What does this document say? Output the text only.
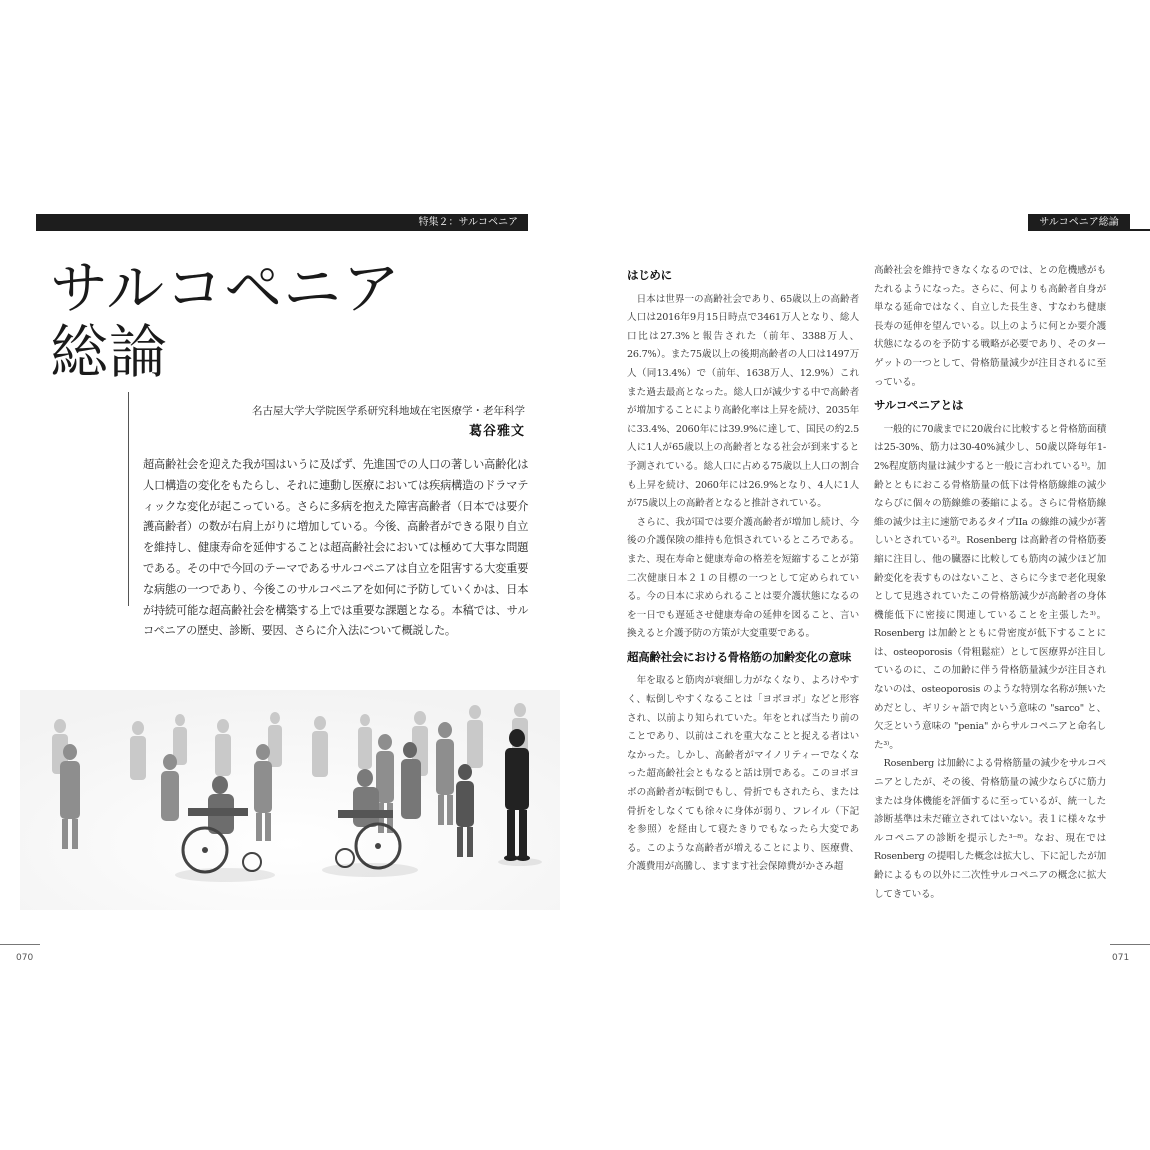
特集２：サルコペニア	サルコペニア総論
サルコペニア
総論
名古屋大学大学院医学系研究科地域在宅医療学・老年科学
葛谷雅文
超高齢社会を迎えた我が国はいうに及ばず、先進国での人口の著しい高齢化は人口構造の変化をもたらし、それに連動し医療においては疾病構造のドラマティックな変化が起こっている。さらに多病を抱えた障害高齢者（日本では要介護高齢者）の数が右肩上がりに増加している。今後、高齢者ができる限り自立を維持し、健康寿命を延伸することは超高齢社会においては極めて大事な問題である。その中で今回のテーマであるサルコペニアは自立を阻害する大変重要な病態の一つであり、今後このサルコペニアを如何に予防していくかは、日本が持続可能な超高齢社会を構築する上では重要な課題となる。本稿では、サルコペニアの歴史、診断、要因、さらに介入法について概説した。
はじめに

日本は世界一の高齢社会であり、65歳以上の高齢者人口は2016年9月15日時点で3461万人となり、総人口比は27.3%と報告された（前年、3388万人、26.7%）。また75歳以上の後期高齢者の人口は1497万人（同13.4%）で（前年、1638万人、12.9%）これまた過去最高となった。総人口が減少する中で高齢者が増加することにより高齢化率は上昇を続け、2035年に33.4%、2060年には39.9%に達して、国民の約2.5人に1人が65歳以上の高齢者となる社会が到来すると予測されている。総人口に占める75歳以上人口の割合も上昇を続け、2060年には26.9%となり、4人に1人が75歳以上の高齢者となると推計されている。

さらに、我が国では要介護高齢者が増加し続け、今後の介護保険の維持も危惧されているところである。また、現在寿命と健康寿命の格差を短縮することが第二次健康日本２１の目標の一つとして定められている。今の日本に求められることは要介護状態になるのを一日でも遅延させ健康寿命の延伸を図ること、言い換えると介護予防の方策が大変重要である。

超高齢社会における骨格筋の加齢変化の意味

年を取ると筋肉が衰細し力がなくなり、よろけやすく、転倒しやすくなることは「ヨボヨボ」などと形容され、以前より知られていた。年をとれば当たり前のことであり、以前はこれを重大なことと捉える者はいなかった。しかし、高齢者がマイノリティーでなくなった超高齢社会ともなると話は別である。このヨボヨボの高齢者が転倒でもし、骨折でもされたら、または骨折をしなくても徐々に身体が弱り、フレイル（下記を参照）を経由して寝たきりでもなったら大変である。このような高齢者が増えることにより、医療費、介護費用が高騰し、ますます社会保障費がかさみ超

高齢社会を維持できなくなるのでは、との危機感がもたれるようになった。さらに、何よりも高齢者自身が単なる延命ではなく、自立した長生き、すなわち健康長寿の延伸を望んでいる。以上のように何とか要介護状態になるのを予防する戦略が必要であり、そのターゲットの一つとして、骨格筋量減少が注目されるに至っている。

サルコペニアとは

一般的に70歳までに20歳台に比較すると骨格筋面積は25-30%、筋力は30-40%減少し、50歳以降毎年1-2%程度筋肉量は減少すると一般に言われている¹⁾。加齢とともにおこる骨格筋量の低下は骨格筋線維の減少ならびに個々の筋線維の萎縮による。さらに骨格筋線維の減少は主に速筋であるタイプIIa の線維の減少が著しいとされている²⁾。Rosenberg は高齢者の骨格筋萎縮に注目し、他の臓器に比較しても筋肉の減少ほど加齢変化を表すものはないこと、さらに今まで老化現象として見逃されていたこの骨格筋減少が高齢者の身体機能低下に密接に関連していることを主張した³⁾。Rosenberg は加齢とともに骨密度が低下することには、osteoporosis（骨粗鬆症）として医療界が注目しているのに、この加齢に伴う骨格筋量減少が注目されないのは、osteoporosis のような特別な名称が無いためだとし、ギリシャ語で肉という意味の "sarco" と、欠乏という意味の "penia" からサルコペニアと命名した³⁾。

Rosenberg は加齢による骨格筋量の減少をサルコペニアとしたが、その後、骨格筋量の減少ならびに筋力または身体機能を評価するに至っているが、統一した診断基準は未だ確立されてはいない。表１に様々なサルコペニアの診断を提示した³⁻⁸⁾。なお、現在では Rosenberg の提唱した概念は拡大し、下に記したが加齢によるもの以外に二次性サルコペニアの概念に拡大してきている。

070	071
